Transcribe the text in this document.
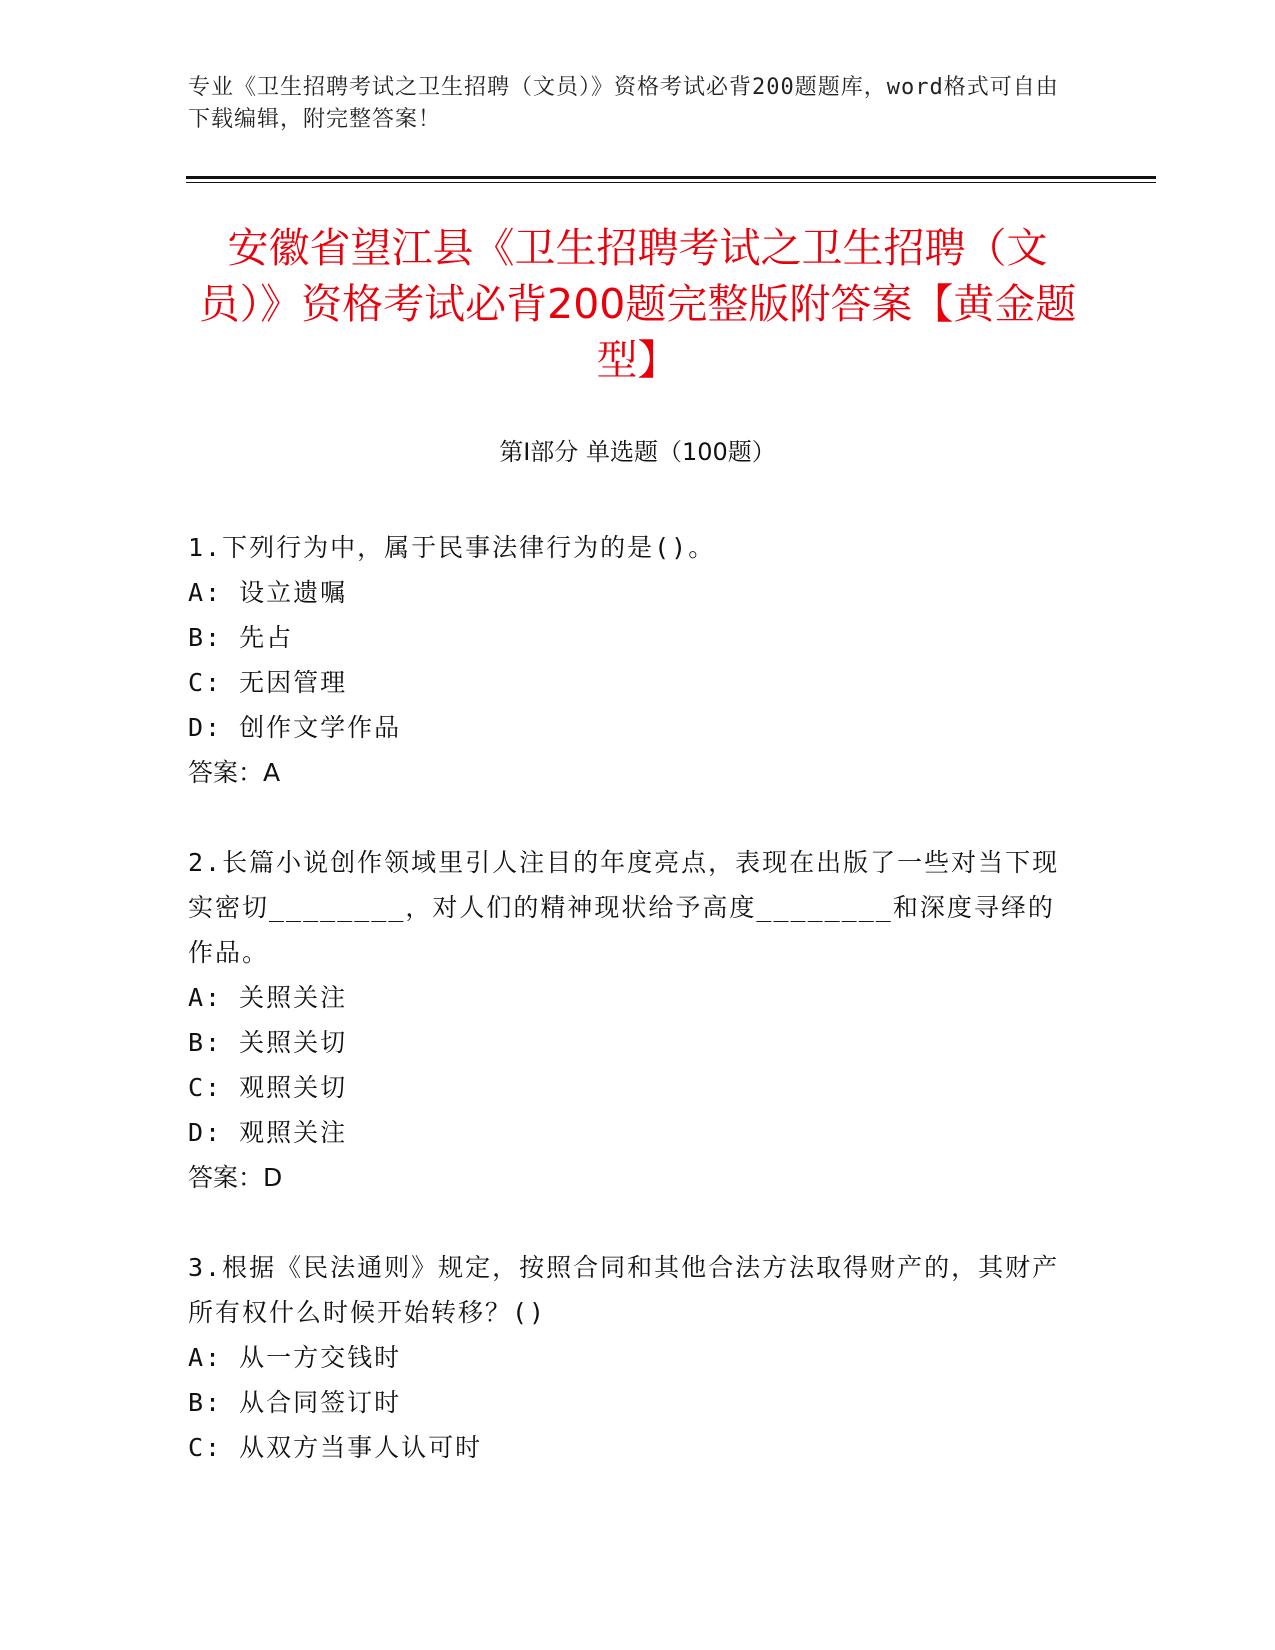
专业《卫生招聘考试之卫生招聘（文员）》资格考试必背200题题库，word格式可自由下载编辑，附完整答案！
安徽省望江县《卫生招聘考试之卫生招聘（文员）》资格考试必背200题完整版附答案【黄金题型】
第Ⅰ部分 单选题（100题）
1.下列行为中，属于民事法律行为的是()。
A: 设立遗嘱
B: 先占
C: 无因管理
D: 创作文学作品
答案：A
2.长篇小说创作领域里引人注目的年度亮点，表现在出版了一些对当下现实密切________，对人们的精神现状给予高度________和深度寻绎的作品。
A: 关照关注
B: 关照关切
C: 观照关切
D: 观照关注
答案：D
3.根据《民法通则》规定，按照合同和其他合法方法取得财产的，其财产所有权什么时候开始转移？()
A: 从一方交钱时
B: 从合同签订时
C: 从双方当事人认可时
